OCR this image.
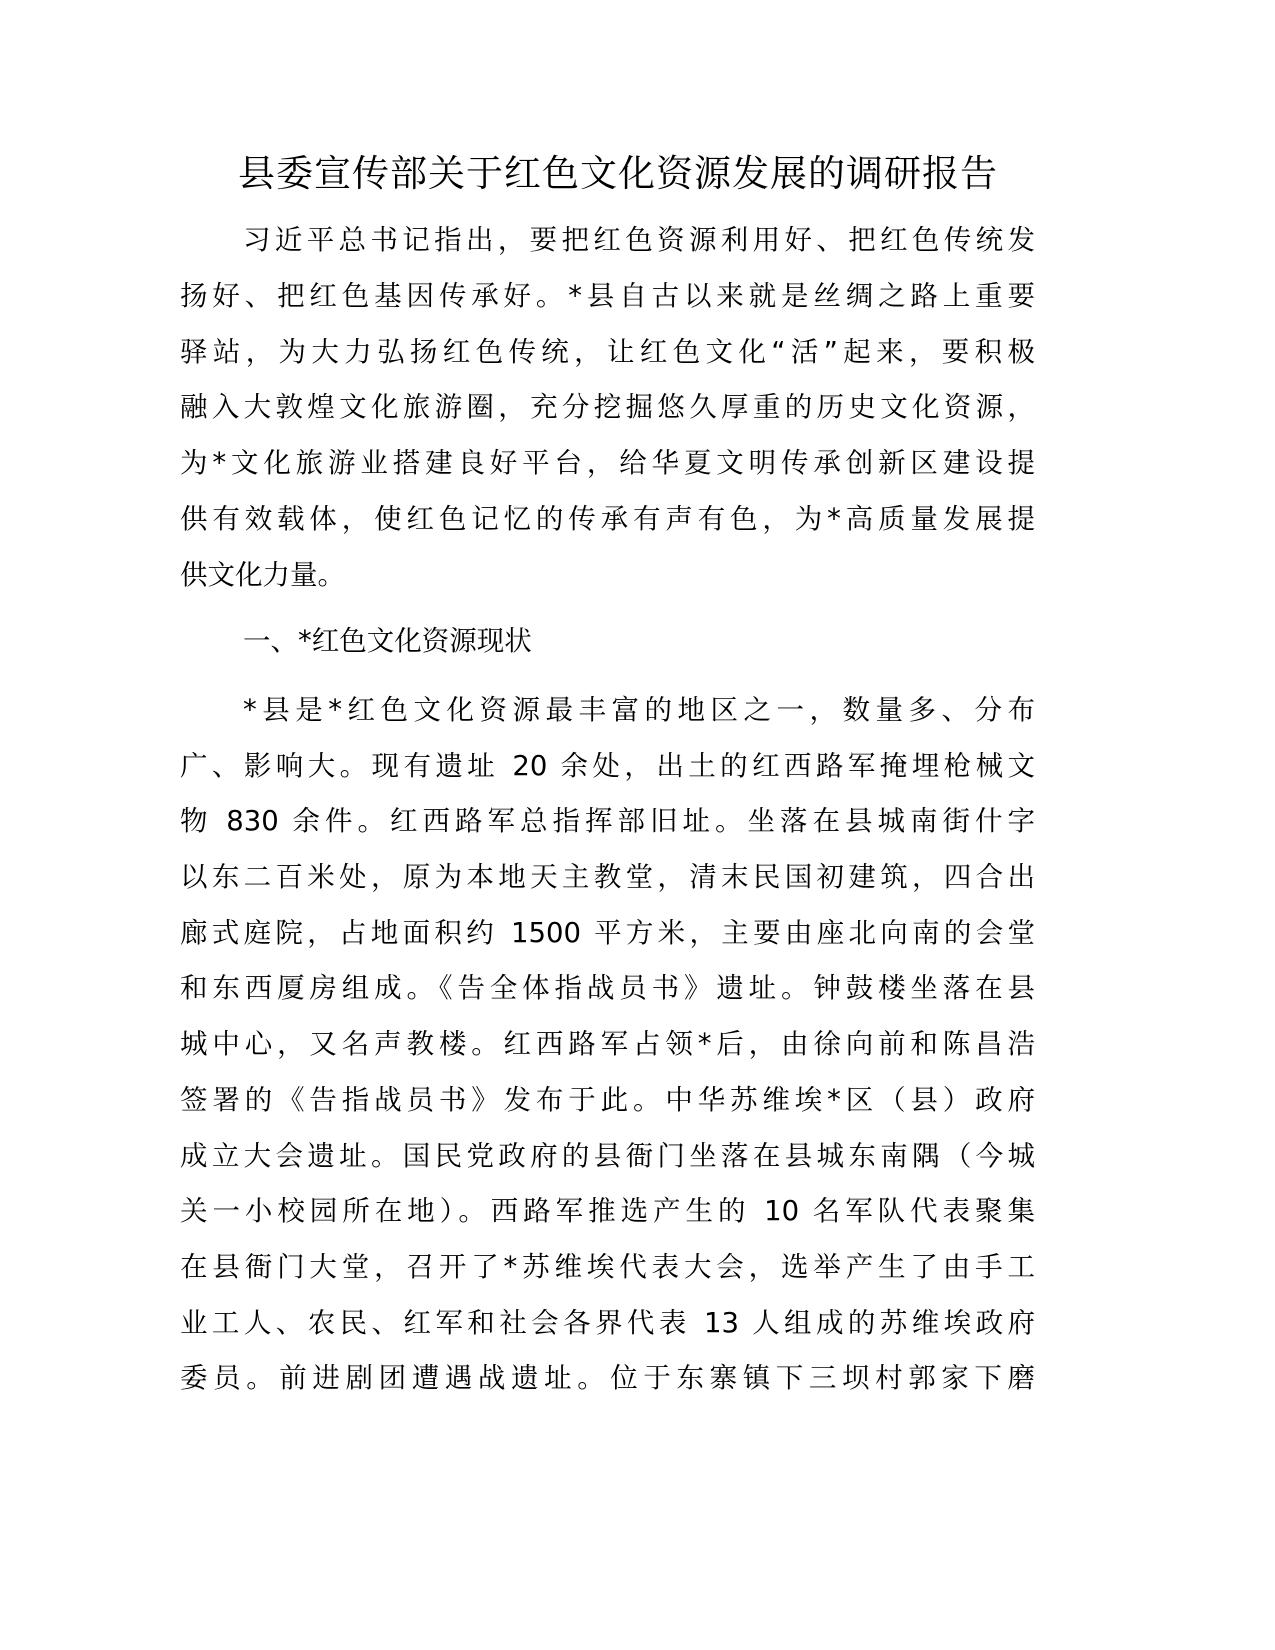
县委宣传部关于红色文化资源发展的调研报告
习近平总书记指出，要把红色资源利用好、把红色传统发
扬好、把红色基因传承好。*县自古以来就是丝绸之路上重要
驿站，为大力弘扬红色传统，让红色文化“活”起来，要积极
融入大敦煌文化旅游圈，充分挖掘悠久厚重的历史文化资源，
为*文化旅游业搭建良好平台，给华夏文明传承创新区建设提
供有效载体，使红色记忆的传承有声有色，为*高质量发展提
供文化力量。
一、*红色文化资源现状
*县是*红色文化资源最丰富的地区之一，数量多、分布
广、影响大。现有遗址 20 余处，出土的红西路军掩埋枪械文
物 830 余件。红西路军总指挥部旧址。坐落在县城南街什字
以东二百米处，原为本地天主教堂，清末民国初建筑，四合出
廊式庭院，占地面积约 1500 平方米，主要由座北向南的会堂
和东西厦房组成。《告全体指战员书》遗址。钟鼓楼坐落在县
城中心，又名声教楼。红西路军占领*后，由徐向前和陈昌浩
签署的《告指战员书》发布于此。中华苏维埃*区（县）政府
成立大会遗址。国民党政府的县衙门坐落在县城东南隅（今城
关一小校园所在地）。西路军推选产生的 10 名军队代表聚集
在县衙门大堂，召开了*苏维埃代表大会，选举产生了由手工
业工人、农民、红军和社会各界代表 13 人组成的苏维埃政府
委员。前进剧团遭遇战遗址。位于东寨镇下三坝村郭家下磨
